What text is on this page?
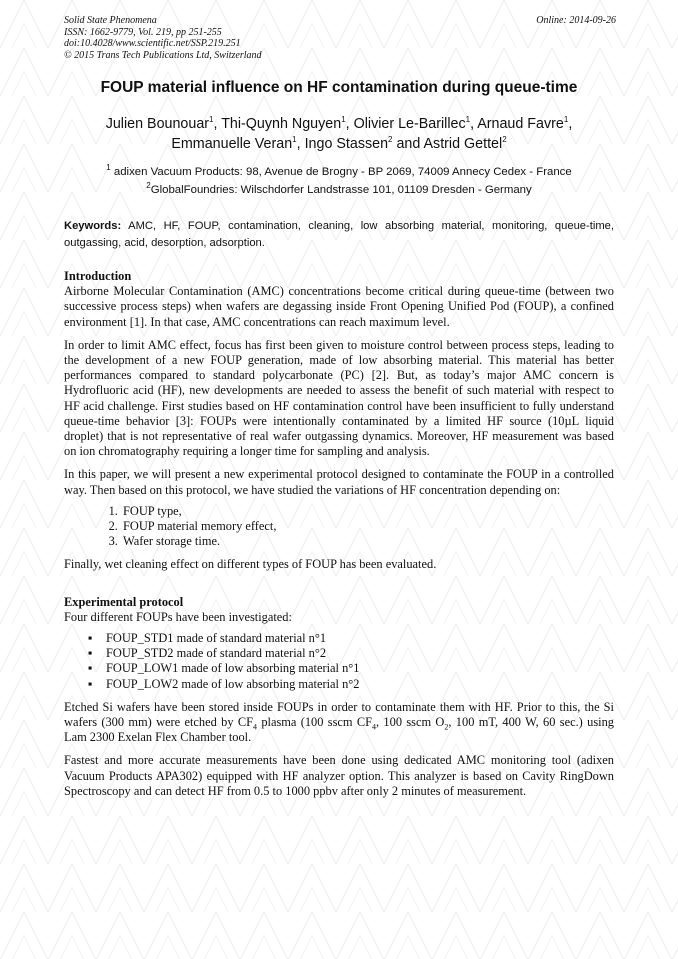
Solid State Phenomena
ISSN: 1662-9779, Vol. 219, pp 251-255
doi:10.4028/www.scientific.net/SSP.219.251
© 2015 Trans Tech Publications Ltd, Switzerland
Online: 2014-09-26
FOUP material influence on HF contamination during queue-time
Julien Bounouar$^1$, Thi-Quynh Nguyen$^1$, Olivier Le-Barillec$^1$, Arnaud Favre$^1$,
Emmanuelle Veran$^1$, Ingo Stassen$^2$ and Astrid Gettel$^2$
$^1$ adixen Vacuum Products: 98, Avenue de Brogny - BP 2069, 74009 Annecy Cedex - France
$^2$GlobalFoundries: Wilschdorfer Landstrasse 101, 01109 Dresden - Germany
Keywords: AMC, HF, FOUP, contamination, cleaning, low absorbing material, monitoring, queue-time, outgassing, acid, desorption, adsorption.
Introduction

Airborne Molecular Contamination (AMC) concentrations become critical during queue-time (between two successive process steps) when wafers are degassing inside Front Opening Unified Pod (FOUP), a confined environment [1]. In that case, AMC concentrations can reach maximum level.

In order to limit AMC effect, focus has first been given to moisture control between process steps, leading to the development of a new FOUP generation, made of low absorbing material. This material has better performances compared to standard polycarbonate (PC) [2]. But, as today’s major AMC concern is Hydrofluoric acid (HF), new developments are needed to assess the benefit of such material with respect to HF acid challenge. First studies based on HF contamination control have been insufficient to fully understand queue-time behavior [3]: FOUPs were intentionally contaminated by a limited HF source (10µL liquid droplet) that is not representative of real wafer outgassing dynamics. Moreover, HF measurement was based on ion chromatography requiring a longer time for sampling and analysis.

In this paper, we will present a new experimental protocol designed to contaminate the FOUP in a controlled way. Then based on this protocol, we have studied the variations of HF concentration depending on:

1. FOUP type,
2. FOUP material memory effect,
3. Wafer storage time.

Finally, wet cleaning effect on different types of FOUP has been evaluated.

Experimental protocol

Four different FOUPs have been investigated:

▪ FOUP_STD1 made of standard material n°1
▪ FOUP_STD2 made of standard material n°2
▪ FOUP_LOW1 made of low absorbing material n°1
▪ FOUP_LOW2 made of low absorbing material n°2

Etched Si wafers have been stored inside FOUPs in order to contaminate them with HF. Prior to this, the Si wafers (300 mm) were etched by $CF_4$ plasma (100 sscm $CF_4$, 100 sscm $O_2$, 100 mT, 400 W, 60 sec.) using Lam 2300 Exelan Flex Chamber tool.

Fastest and more accurate measurements have been done using dedicated AMC monitoring tool (adixen Vacuum Products APA302) equipped with HF analyzer option. This analyzer is based on Cavity RingDown Spectroscopy and can detect HF from 0.5 to 1000 ppbv after only 2 minutes of measurement.
